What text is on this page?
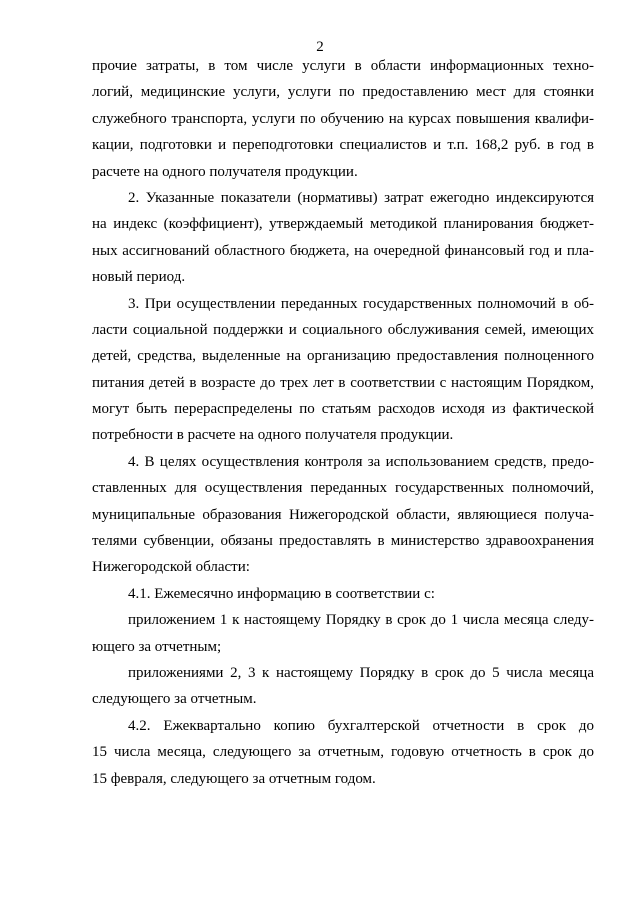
2
прочие затраты, в том числе услуги в области информационных техно-
логий, медицинские услуги, услуги по предоставлению мест для стоянки
служебного транспорта, услуги по обучению на курсах повышения квалифи-
кации, подготовки и переподготовки специалистов и т.п. 168,2 руб. в год в
расчете на одного получателя продукции.
2. Указанные показатели (нормативы) затрат ежегодно индексируются
на индекс (коэффициент), утверждаемый методикой планирования бюджет-
ных ассигнований областного бюджета, на очередной финансовый год и пла-
новый период.
3. При осуществлении переданных государственных полномочий в об-
ласти социальной поддержки и социального обслуживания семей, имеющих
детей, средства, выделенные на организацию предоставления полноценного
питания детей в возрасте до трех лет в соответствии с настоящим Порядком,
могут быть перераспределены по статьям расходов исходя из фактической
потребности в расчете на одного получателя продукции.
4. В целях осуществления контроля за использованием средств, предо-
ставленных для осуществления переданных государственных полномочий,
муниципальные образования Нижегородской области, являющиеся получа-
телями субвенции, обязаны предоставлять в министерство здравоохранения
Нижегородской области:
4.1. Ежемесячно информацию в соответствии с:
приложением 1 к настоящему Порядку в срок до 1 числа месяца следу-
ющего за отчетным;
приложениями 2, 3 к настоящему Порядку в срок до 5 числа месяца
следующего за отчетным.
4.2. Ежеквартально копию бухгалтерской отчетности в срок до
15 числа месяца, следующего за отчетным, годовую отчетность в срок до
15 февраля, следующего за отчетным годом.
